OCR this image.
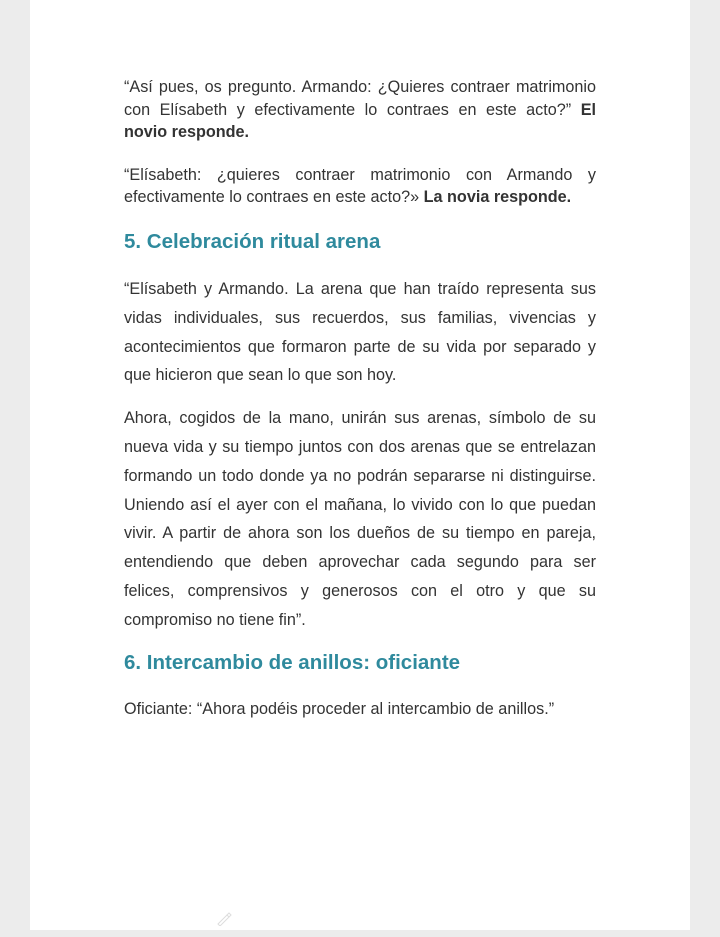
“Así pues, os pregunto. Armando: ¿Quieres contraer matrimonio con Elísabeth y efectivamente lo contraes en este acto?” El novio responde.

“Elísabeth: ¿quieres contraer matrimonio con Armando y efectivamente lo contraes en este acto?» La novia responde.

5. Celebración ritual arena

“Elísabeth y Armando. La arena que han traído representa sus vidas individuales, sus recuerdos, sus familias, vivencias y acontecimientos que formaron parte de su vida por separado y que hicieron que sean lo que son hoy.

Ahora, cogidos de la mano, unirán sus arenas, símbolo de su nueva vida y su tiempo juntos con dos arenas que se entrelazan formando un todo donde ya no podrán separarse ni distinguirse. Uniendo así el ayer con el mañana, lo vivido con lo que puedan vivir. A partir de ahora son los dueños de su tiempo en pareja, entendiendo que deben aprovechar cada segundo para ser felices, comprensivos y generosos con el otro y que su compromiso no tiene fin”.

6. Intercambio de anillos: oficiante

Oficiante: “Ahora podéis proceder al intercambio de anillos.”
